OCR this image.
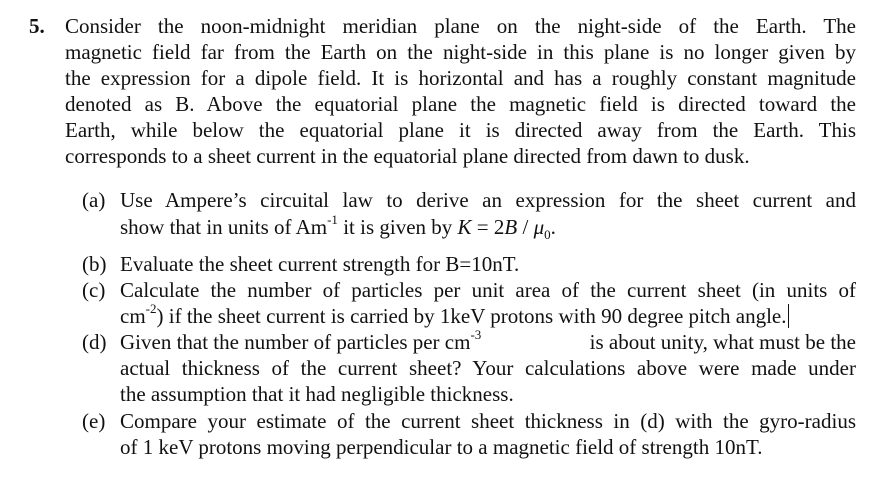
5. Consider the noon-midnight meridian plane on the night-side of the Earth. The
magnetic field far from the Earth on the night-side in this plane is no longer given by
the expression for a dipole field. It is horizontal and has a roughly constant magnitude
denoted as B. Above the equatorial plane the magnetic field is directed toward the
Earth, while below the equatorial plane it is directed away from the Earth. This
corresponds to a sheet current in the equatorial plane directed from dawn to dusk.
(a) Use Ampere’s circuital law to derive an expression for the sheet current and
show that in units of $Am^{-1}$ it is given by $K = 2B / \mu_0$.
(b) Evaluate the sheet current strength for B=10nT.
(c) Calculate the number of particles per unit area of the current sheet (in units of
$cm^{-2}$) if the sheet current is carried by 1keV protons with 90 degree pitch angle.
(d) Given that the number of particles per $cm^{-3}$	is about unity, what must be the
actual thickness of the current sheet? Your calculations above were made under
the assumption that it had negligible thickness.
(e) Compare your estimate of the current sheet thickness in (d) with the gyro-radius
of 1 keV protons moving perpendicular to a magnetic field of strength 10nT.
